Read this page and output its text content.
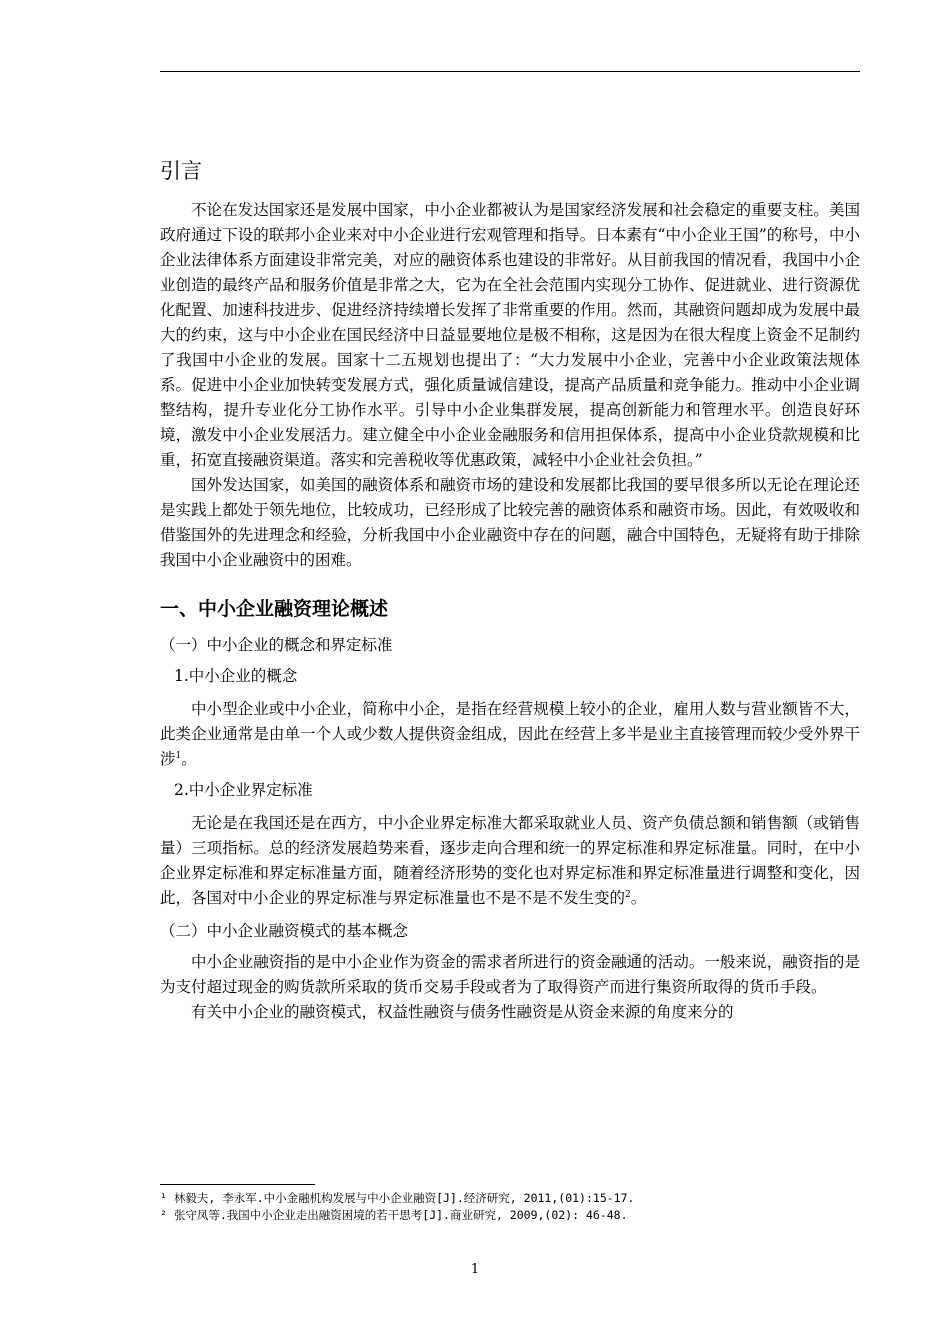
引言

不论在发达国家还是发展中国家，中小企业都被认为是国家经济发展和社会稳定的重要支柱。美国政府通过下设的联邦小企业来对中小企业进行宏观管理和指导。日本素有“中小企业王国”的称号，中小企业法律体系方面建设非常完美，对应的融资体系也建设的非常好。从目前我国的情况看，我国中小企业创造的最终产品和服务价值是非常之大，它为在全社会范围内实现分工协作、促进就业、进行资源优化配置、加速科技进步、促进经济持续增长发挥了非常重要的作用。然而，其融资问题却成为发展中最大的约束，这与中小企业在国民经济中日益显要地位是极不相称，这是因为在很大程度上资金不足制约了我国中小企业的发展。国家十二五规划也提出了：“大力发展中小企业，完善中小企业政策法规体系。促进中小企业加快转变发展方式，强化质量诚信建设，提高产品质量和竞争能力。推动中小企业调整结构，提升专业化分工协作水平。引导中小企业集群发展，提高创新能力和管理水平。创造良好环境，激发中小企业发展活力。建立健全中小企业金融服务和信用担保体系，提高中小企业贷款规模和比重，拓宽直接融资渠道。落实和完善税收等优惠政策，减轻中小企业社会负担。”

国外发达国家，如美国的融资体系和融资市场的建设和发展都比我国的要早很多所以无论在理论还是实践上都处于领先地位，比较成功，已经形成了比较完善的融资体系和融资市场。因此，有效吸收和借鉴国外的先进理念和经验，分析我国中小企业融资中存在的问题，融合中国特色，无疑将有助于排除我国中小企业融资中的困难。

一、中小企业融资理论概述
（一）中小企业的概念和界定标准
1.中小企业的概念

中小型企业或中小企业，简称中小企，是指在经营规模上较小的企业，雇用人数与营业额皆不大，此类企业通常是由单一个人或少数人提供资金组成，因此在经营上多半是业主直接管理而较少受外界干涉$^1$。

2.中小企业界定标准

无论是在我国还是在西方，中小企业界定标准大都采取就业人员、资产负债总额和销售额（或销售量）三项指标。总的经济发展趋势来看，逐步走向合理和统一的界定标准和界定标准量。同时，在中小企业界定标准和界定标准量方面，随着经济形势的变化也对界定标准和界定标准量进行调整和变化，因此，各国对中小企业的界定标准与界定标准量也不是不是不发生变的$^2$。

（二）中小企业融资模式的基本概念

中小企业融资指的是中小企业作为资金的需求者所进行的资金融通的活动。一般来说，融资指的是为支付超过现金的购货款所采取的货币交易手段或者为了取得资产而进行集资所取得的货币手段。

有关中小企业的融资模式，权益性融资与债务性融资是从资金来源的角度来分的

¹ 林毅夫, 李永军.中小金融机构发展与中小企业融资[J].经济研究, 2011,(01):15-17.
² 张守凤等.我国中小企业走出融资困境的若干思考[J].商业研究, 2009,(02): 46-48.
1
